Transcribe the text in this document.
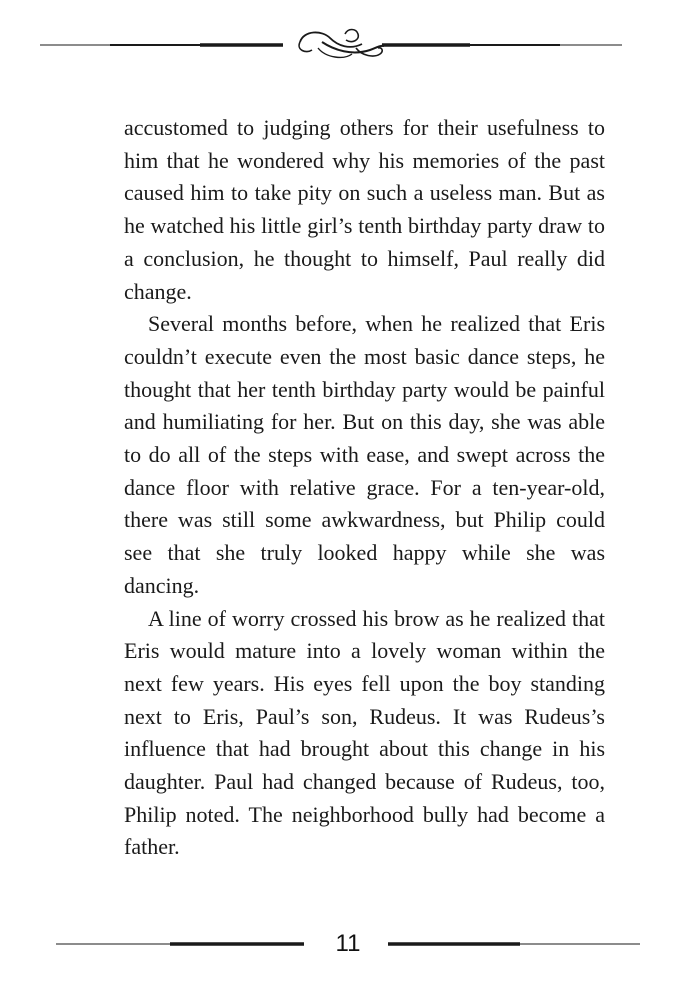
accustomed to judging others for their usefulness to him that he wondered why his memories of the past caused him to take pity on such a useless man. But as he watched his little girl’s tenth birthday party draw to a conclusion, he thought to himself, Paul really did change.

Several months before, when he realized that Eris couldn’t execute even the most basic dance steps, he thought that her tenth birthday party would be painful and humiliating for her. But on this day, she was able to do all of the steps with ease, and swept across the dance floor with relative grace. For a ten-year-old, there was still some awkwardness, but Philip could see that she truly looked happy while she was dancing.

A line of worry crossed his brow as he realized that Eris would mature into a lovely woman within the next few years. His eyes fell upon the boy standing next to Eris, Paul’s son, Rudeus. It was Rudeus’s influence that had brought about this change in his daughter. Paul had changed because of Rudeus, too, Philip noted. The neighborhood bully had become a father.

11
